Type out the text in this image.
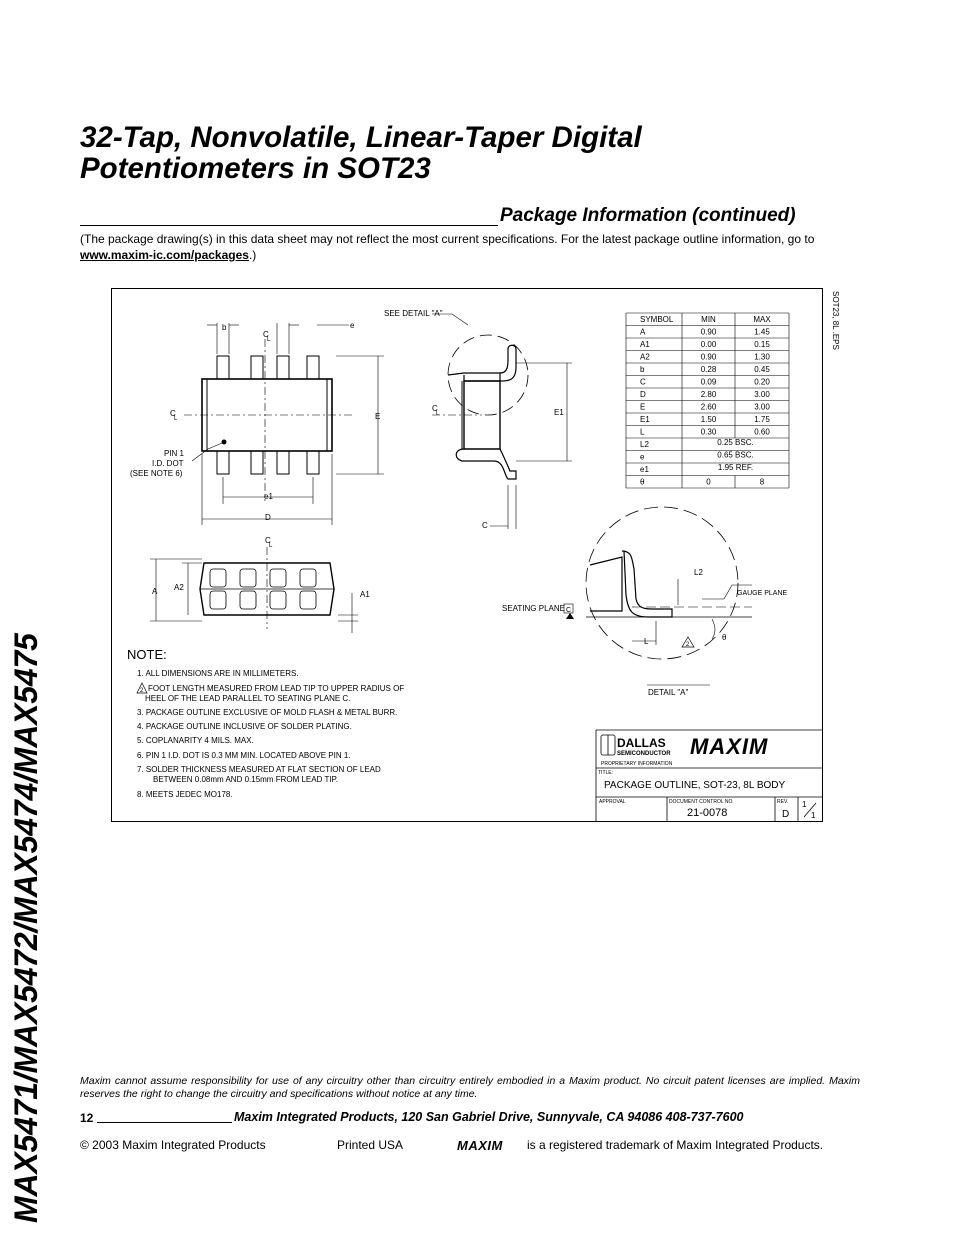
MAX5471/MAX5472/MAX5474/MAX5475
32-Tap, Nonvolatile, Linear-Taper Digital
Potentiometers in SOT23
Package Information (continued)
(The package drawing(s) in this data sheet may not reflect the most current specifications. For the latest package outline information, go to www.maxim-ic.com/packages.)
SOT23, 8L .EPS
b
C
L
e
C
L	E
e1
D
PIN 1
I.D. DOT
(SEE NOTE 6)
SEE DETAIL "A"
C
L	E1
C
C
L
A A2
A1
C
SEATING PLANE
L2
GAUGE PLANE
L	2
θ
DETAIL "A"
SYMBOL	MIN	MAX
A	0.90	1.45
A1	0.00	0.15
A2	0.90	1.30
b	0.28	0.45
C	0.09	0.20
D	2.80	3.00
E	2.60	3.00
E1	1.50	1.75
L	0.30	0.60
L2	0.25 BSC.
e	0.65 BSC.
e1	1.95 REF.
θ	0	8
NOTE:
1. ALL DIMENSIONS ARE IN MILLIMETERS.
2 FOOT LENGTH MEASURED FROM LEAD TIP TO UPPER RADIUS OF
HEEL OF THE LEAD PARALLEL TO SEATING PLANE C.
3. PACKAGE OUTLINE EXCLUSIVE OF MOLD FLASH & METAL BURR.
4. PACKAGE OUTLINE INCLUSIVE OF SOLDER PLATING.
5. COPLANARITY 4 MILS. MAX.
6. PIN 1 I.D. DOT IS 0.3 MM MIN. LOCATED ABOVE PIN 1.
7. SOLDER THICKNESS MEASURED AT FLAT SECTION OF LEAD
BETWEEN 0.08mm AND 0.15mm FROM LEAD TIP.
8. MEETS JEDEC MO178.
DALLAS
SEMICONDUCTOR MAXIM
PROPRIETARY INFORMATION
TITLE:
PACKAGE OUTLINE, SOT-23, 8L BODY
APPROVAL	DOCUMENT CONTROL NO.
21-0078
REV.
D
1
1
Maxim cannot assume responsibility for use of any circuitry other than circuitry entirely embodied in a Maxim product. No circuit patent licenses are implied. Maxim reserves the right to change the circuitry and specifications without notice at any time.
12	Maxim Integrated Products, 120 San Gabriel Drive, Sunnyvale, CA 94086 408-737-7600
© 2003 Maxim Integrated Products	Printed USA	MAXIM is a registered trademark of Maxim Integrated Products.
